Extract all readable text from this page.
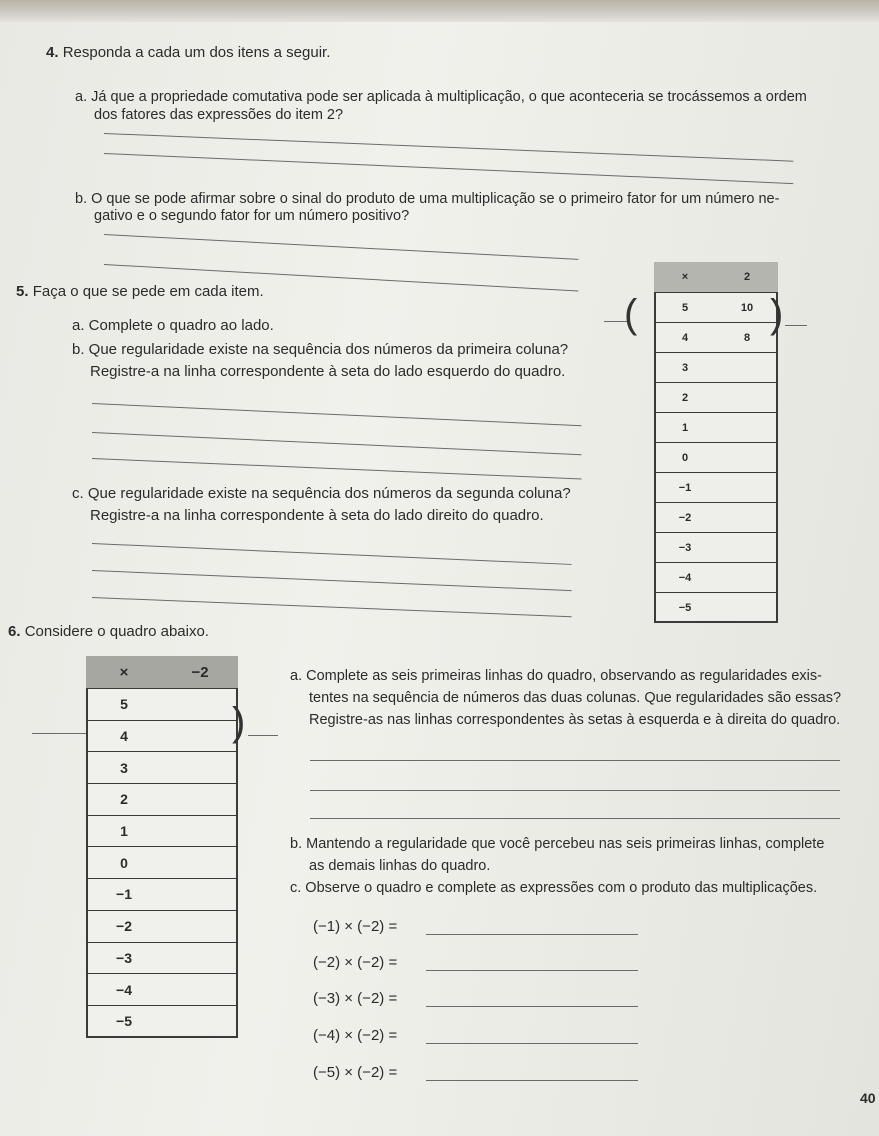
4. Responda a cada um dos itens a seguir.
a. Já que a propriedade comutativa pode ser aplicada à multiplicação, o que aconteceria se trocássemos a ordem
dos fatores das expressões do item 2?
b. O que se pode afirmar sobre o sinal do produto de uma multiplicação se o primeiro fator for um número ne-
gativo e o segundo fator for um número positivo?
5. Faça o que se pede em cada item.
a. Complete o quadro ao lado.
b. Que regularidade existe na sequência dos números da primeira coluna?
Registre-a na linha correspondente à seta do lado esquerdo do quadro.
c. Que regularidade existe na sequência dos números da segunda coluna?
Registre-a na linha correspondente à seta do lado direito do quadro.
(
×	2
5	10
4	8
3	
2	
1	
0	
−1	
−2	
−3	
−4	
−5	
)
6. Considere o quadro abaixo.
×	−2
5	
4	
3	
2	
1	
0	
−1	
−2	
−3	
−4	
−5	
)
a. Complete as seis primeiras linhas do quadro, observando as regularidades exis-
tentes na sequência de números das duas colunas. Que regularidades são essas?
Registre-as nas linhas correspondentes às setas à esquerda e à direita do quadro.
b. Mantendo a regularidade que você percebeu nas seis primeiras linhas, complete
as demais linhas do quadro.
c. Observe o quadro e complete as expressões com o produto das multiplicações.
(−1) × (−2) =
(−2) × (−2) =
(−3) × (−2) =
(−4) × (−2) =
(−5) × (−2) =
40
